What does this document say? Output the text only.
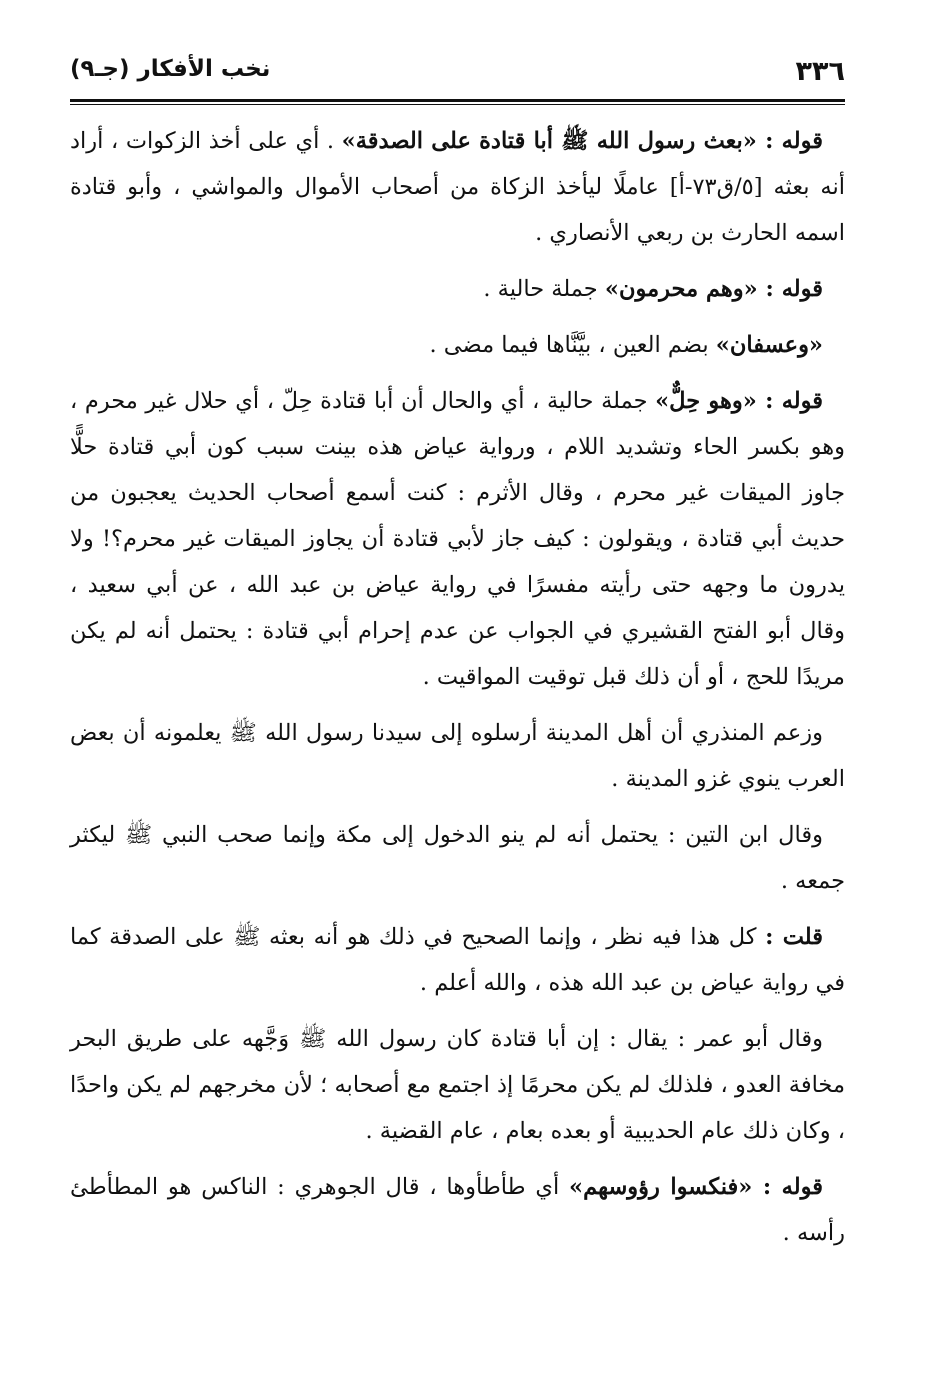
٣٣٦
نخب الأفكار (جـ٩)

قوله : «بعث رسول الله ﷺ أبا قتادة على الصدقة» . أي على أخذ الزكوات ، أراد أنه بعثه [٥/ق٧٣-أ] عاملًا ليأخذ الزكاة من أصحاب الأموال والمواشي ، وأبو قتادة اسمه الحارث بن ربعي الأنصاري .

قوله : «وهم محرمون» جملة حالية .

«وعسفان» بضم العين ، بيَّنَّاها فيما مضى .

قوله : «وهو حِلٌّ» جملة حالية ، أي والحال أن أبا قتادة حِلّ ، أي حلال غير محرم ، وهو بكسر الحاء وتشديد اللام ، ورواية عياض هذه بينت سبب كون أبي قتادة حلًّا جاوز الميقات غير محرم ، وقال الأثرم : كنت أسمع أصحاب الحديث يعجبون من حديث أبي قتادة ، ويقولون : كيف جاز لأبي قتادة أن يجاوز الميقات غير محرم؟! ولا يدرون ما وجهه حتى رأيته مفسرًا في رواية عياض بن عبد الله ، عن أبي سعيد ، وقال أبو الفتح القشيري في الجواب عن عدم إحرام أبي قتادة : يحتمل أنه لم يكن مريدًا للحج ، أو أن ذلك قبل توقيت المواقيت .

وزعم المنذري أن أهل المدينة أرسلوه إلى سيدنا رسول الله ﷺ يعلمونه أن بعض العرب ينوي غزو المدينة .

وقال ابن التين : يحتمل أنه لم ينو الدخول إلى مكة وإنما صحب النبي ﷺ ليكثر جمعه .

قلت : كل هذا فيه نظر ، وإنما الصحيح في ذلك هو أنه بعثه ﷺ على الصدقة كما في رواية عياض بن عبد الله هذه ، والله أعلم .

وقال أبو عمر : يقال : إن أبا قتادة كان رسول الله ﷺ وَجَّهه على طريق البحر مخافة العدو ، فلذلك لم يكن محرمًا إذ اجتمع مع أصحابه ؛ لأن مخرجهم لم يكن واحدًا ، وكان ذلك عام الحديبية أو بعده بعام ، عام القضية .

قوله : «فنكسوا رؤوسهم» أي طأطأوها ، قال الجوهري : الناكس هو المطأطئ رأسه .
